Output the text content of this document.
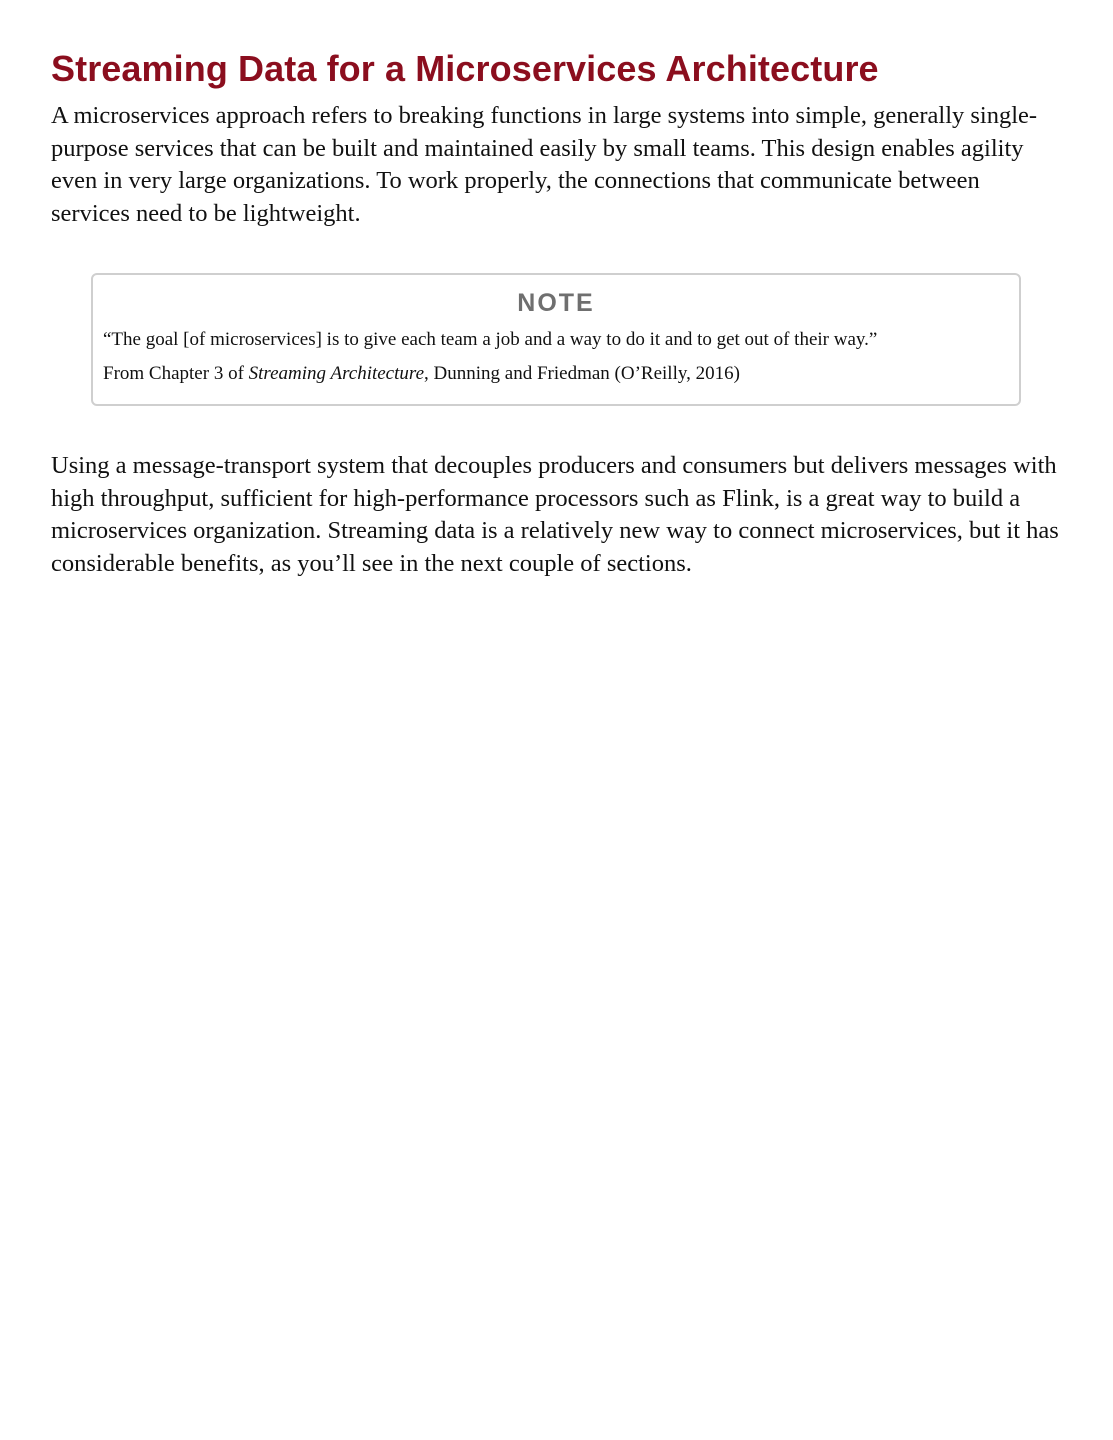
Streaming Data for a Microservices Architecture

A microservices approach refers to breaking functions in large systems into simple, generally single-purpose services that can be built and maintained easily by small teams. This design enables agility even in very large organizations. To work properly, the connections that communicate between services need to be lightweight.

NOTE

“The goal [of microservices] is to give each team a job and a way to do it and to get out of their way.”

From Chapter 3 of Streaming Architecture, Dunning and Friedman (O’Reilly, 2016)

Using a message-transport system that decouples producers and consumers but delivers messages with high throughput, sufficient for high-performance processors such as Flink, is a great way to build a microservices organization. Streaming data is a relatively new way to connect microservices, but it has considerable benefits, as you’ll see in the next couple of sections.
